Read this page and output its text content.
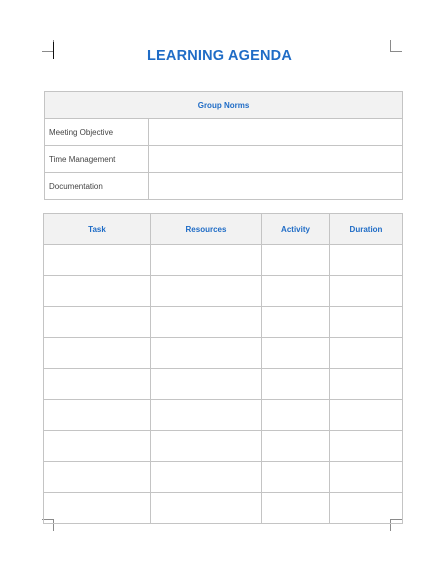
LEARNING AGENDA
Group Norms	
Meeting Objective	
Time Management	
Documentation	
Task	Resources	Activity	Duration
